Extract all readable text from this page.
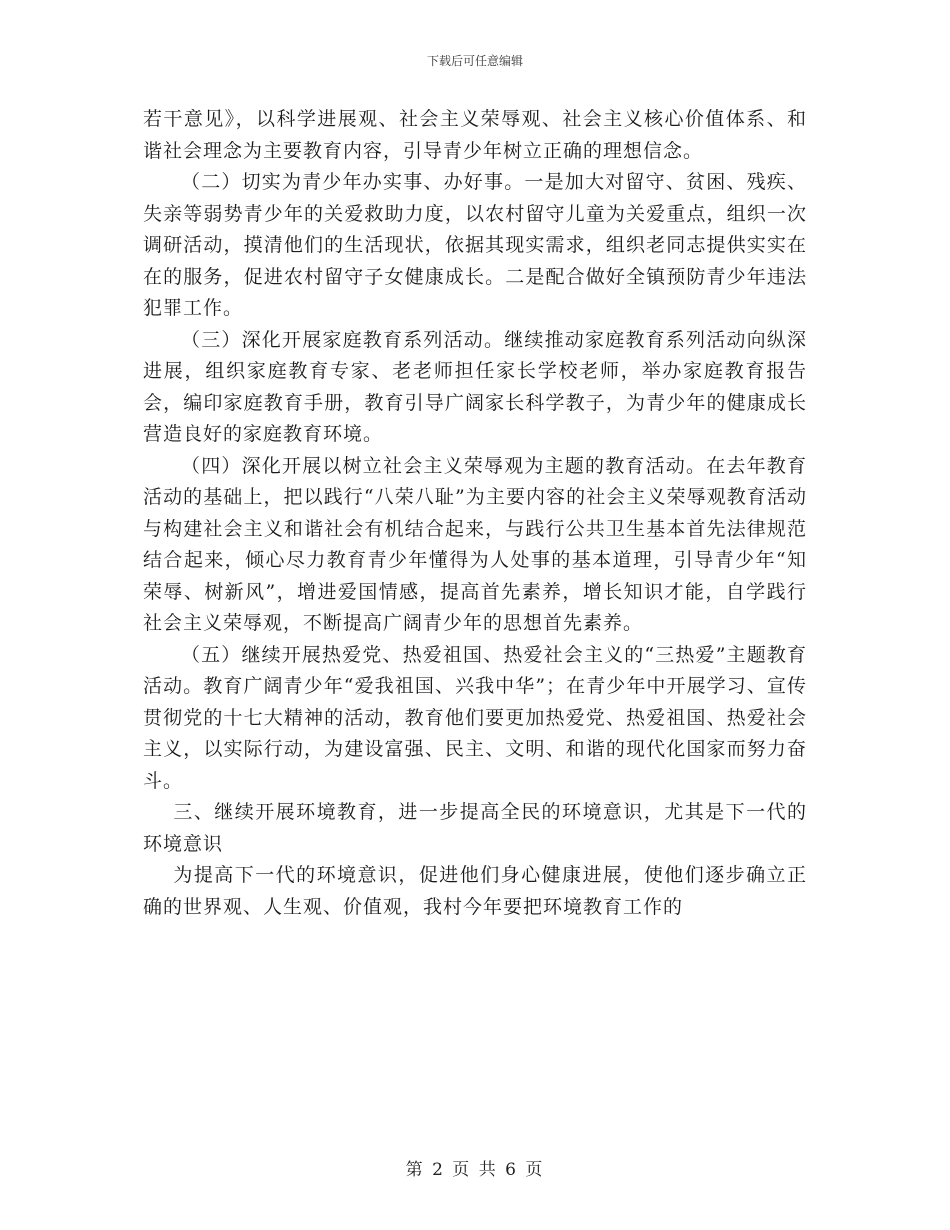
下载后可任意编辑

若干意见》，以科学进展观、社会主义荣辱观、社会主义核心价值体系、和谐社会理念为主要教育内容，引导青少年树立正确的理想信念。

（二）切实为青少年办实事、办好事。一是加大对留守、贫困、残疾、失亲等弱势青少年的关爱救助力度，以农村留守儿童为关爱重点，组织一次调研活动，摸清他们的生活现状，依据其现实需求，组织老同志提供实实在在的服务，促进农村留守子女健康成长。二是配合做好全镇预防青少年违法犯罪工作。

（三）深化开展家庭教育系列活动。继续推动家庭教育系列活动向纵深进展，组织家庭教育专家、老老师担任家长学校老师，举办家庭教育报告会，编印家庭教育手册，教育引导广阔家长科学教子，为青少年的健康成长营造良好的家庭教育环境。

（四）深化开展以树立社会主义荣辱观为主题的教育活动。在去年教育活动的基础上，把以践行“八荣八耻”为主要内容的社会主义荣辱观教育活动与构建社会主义和谐社会有机结合起来，与践行公共卫生基本首先法律规范结合起来，倾心尽力教育青少年懂得为人处事的基本道理，引导青少年“知荣辱、树新风”，增进爱国情感，提高首先素养，增长知识才能，自学践行社会主义荣辱观，不断提高广阔青少年的思想首先素养。

（五）继续开展热爱党、热爱祖国、热爱社会主义的“三热爱”主题教育活动。教育广阔青少年“爱我祖国、兴我中华”；在青少年中开展学习、宣传贯彻党的十七大精神的活动，教育他们要更加热爱党、热爱祖国、热爱社会主义，以实际行动，为建设富强、民主、文明、和谐的现代化国家而努力奋斗。

三、继续开展环境教育，进一步提高全民的环境意识，尤其是下一代的环境意识

为提高下一代的环境意识，促进他们身心健康进展，使他们逐步确立正确的世界观、人生观、价值观，我村今年要把环境教育工作的

第 2 页 共 6 页
